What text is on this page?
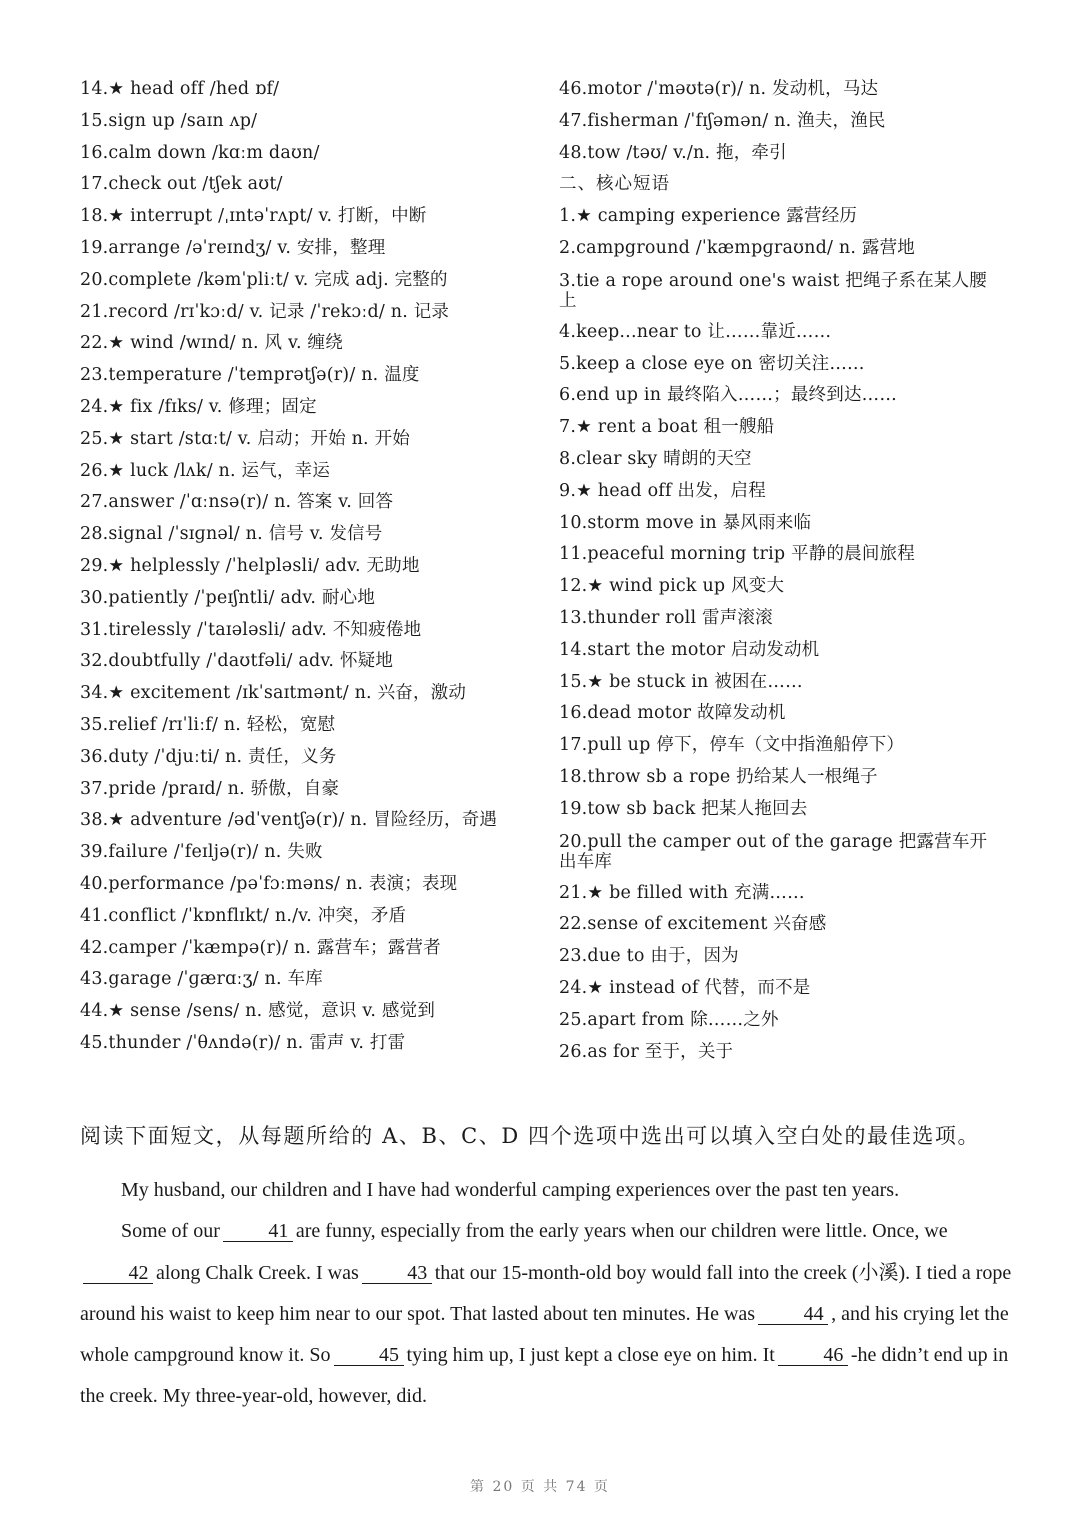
14.★ head off /hed ɒf/
15.sign up /saɪn ʌp/
16.calm down /kɑːm daʊn/
17.check out /tʃek aʊt/
18.★ interrupt /ˌɪntəˈrʌpt/ v. 打断，中断
19.arrange /əˈreɪndʒ/ v. 安排，整理
20.complete /kəmˈpliːt/ v. 完成 adj. 完整的
21.record /rɪˈkɔːd/ v. 记录 /ˈrekɔːd/ n. 记录
22.★ wind /wɪnd/ n. 风 v. 缠绕
23.temperature /ˈtemprətʃə(r)/ n. 温度
24.★ fix /fɪks/ v. 修理；固定
25.★ start /stɑːt/ v. 启动；开始 n. 开始
26.★ luck /lʌk/ n. 运气，幸运
27.answer /ˈɑːnsə(r)/ n. 答案 v. 回答
28.signal /ˈsɪɡnəl/ n. 信号 v. 发信号
29.★ helplessly /ˈhelpləsli/ adv. 无助地
30.patiently /ˈpeɪʃntli/ adv. 耐心地
31.tirelessly /ˈtaɪələsli/ adv. 不知疲倦地
32.doubtfully /ˈdaʊtfəli/ adv. 怀疑地
34.★ excitement /ɪkˈsaɪtmənt/ n. 兴奋，激动
35.relief /rɪˈliːf/ n. 轻松，宽慰
36.duty /ˈdjuːti/ n. 责任，义务
37.pride /praɪd/ n. 骄傲，自豪
38.★ adventure /ədˈventʃə(r)/ n. 冒险经历，奇遇
39.failure /ˈfeɪljə(r)/ n. 失败
40.performance /pəˈfɔːməns/ n. 表演；表现
41.conflict /ˈkɒnflɪkt/ n./v. 冲突，矛盾
42.camper /ˈkæmpə(r)/ n. 露营车；露营者
43.garage /ˈɡærɑːʒ/ n. 车库
44.★ sense /sens/ n. 感觉，意识 v. 感觉到
45.thunder /ˈθʌndə(r)/ n. 雷声 v. 打雷
46.motor /ˈməʊtə(r)/ n. 发动机，马达
47.fisherman /ˈfɪʃəmən/ n. 渔夫，渔民
48.tow /təʊ/ v./n. 拖，牵引
二、核心短语
1.★ camping experience 露营经历
2.campground /ˈkæmpɡraʊnd/ n. 露营地
3.tie a rope around one's waist 把绳子系在某人腰上
4.keep...near to 让……靠近……
5.keep a close eye on 密切关注……
6.end up in 最终陷入……；最终到达……
7.★ rent a boat 租一艘船
8.clear sky 晴朗的天空
9.★ head off 出发，启程
10.storm move in 暴风雨来临
11.peaceful morning trip 平静的晨间旅程
12.★ wind pick up 风变大
13.thunder roll 雷声滚滚
14.start the motor 启动发动机
15.★ be stuck in 被困在……
16.dead motor 故障发动机
17.pull up 停下，停车（文中指渔船停下）
18.throw sb a rope 扔给某人一根绳子
19.tow sb back 把某人拖回去
20.pull the camper out of the garage 把露营车开出车库
21.★ be filled with 充满……
22.sense of excitement 兴奋感
23.due to 由于，因为
24.★ instead of 代替，而不是
25.apart from 除……之外
26.as for 至于，关于
阅读下面短文，从每题所给的 A、B、C、D 四个选项中选出可以填入空白处的最佳选项。

My husband, our children and I have had wonderful camping experiences over the past ten years.

Some of our 41 are funny, especially from the early years when our children were little. Once, we42 along Chalk Creek. I was 43 that our 15-month-old boy would fall into the creek (小溪). I tied a rope around his waist to keep him near to our spot. That lasted about ten minutes. He was 44 , and his crying let the whole campground know it. So 45 tying him up, I just kept a close eye on him. It 46 -he didn’t end up in the creek. My three-year-old, however, did.

第 20 页 共 74 页
